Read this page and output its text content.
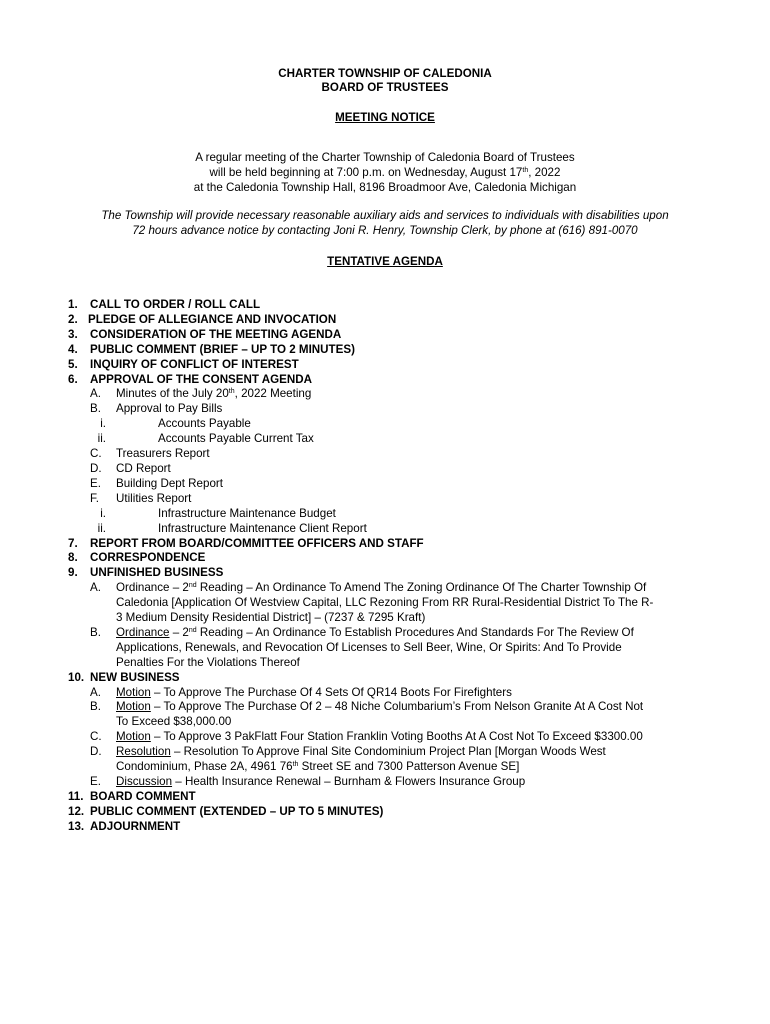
CHARTER TOWNSHIP OF CALEDONIA
BOARD OF TRUSTEES
MEETING NOTICE
A regular meeting of the Charter Township of Caledonia Board of Trustees
will be held beginning at 7:00 p.m. on Wednesday, August 17th, 2022
at the Caledonia Township Hall, 8196 Broadmoor Ave, Caledonia Michigan
The Township will provide necessary reasonable auxiliary aids and services to individuals with disabilities upon
72 hours advance notice by contacting Joni R. Henry, Township Clerk, by phone at (616) 891-0070
TENTATIVE AGENDA
1. CALL TO ORDER / ROLL CALL
2. PLEDGE OF ALLEGIANCE AND INVOCATION
3. CONSIDERATION OF THE MEETING AGENDA
4. PUBLIC COMMENT (BRIEF – UP TO 2 MINUTES)
5. INQUIRY OF CONFLICT OF INTEREST
6. APPROVAL OF THE CONSENT AGENDA
A. Minutes of the July 20th, 2022 Meeting
B. Approval to Pay Bills
i.	Accounts Payable
ii.	Accounts Payable Current Tax
C. Treasurers Report
D. CD Report
E. Building Dept Report
F. Utilities Report
i.	Infrastructure Maintenance Budget
ii.	Infrastructure Maintenance Client Report
7. REPORT FROM BOARD/COMMITTEE OFFICERS AND STAFF
8. CORRESPONDENCE
9. UNFINISHED BUSINESS
A. Ordinance – 2nd Reading – An Ordinance To Amend The Zoning Ordinance Of The Charter Township Of
Caledonia [Application Of Westview Capital, LLC Rezoning From RR Rural-Residential District To The R-
3 Medium Density Residential District] – (7237 & 7295 Kraft)
B. Ordinance – 2nd Reading – An Ordinance To Establish Procedures And Standards For The Review Of
Applications, Renewals, and Revocation Of Licenses to Sell Beer, Wine, Or Spirits: And To Provide
Penalties For the Violations Thereof
10. NEW BUSINESS
A. Motion – To Approve The Purchase Of 4 Sets Of QR14 Boots For Firefighters
B. Motion – To Approve The Purchase Of 2 – 48 Niche Columbarium’s From Nelson Granite At A Cost Not
To Exceed $38,000.00
C. Motion – To Approve 3 PakFlatt Four Station Franklin Voting Booths At A Cost Not To Exceed $3300.00
D. Resolution – Resolution To Approve Final Site Condominium Project Plan [Morgan Woods West
Condominium, Phase 2A, 4961 76th Street SE and 7300 Patterson Avenue SE]
E. Discussion – Health Insurance Renewal – Burnham & Flowers Insurance Group
11. BOARD COMMENT
12. PUBLIC COMMENT (EXTENDED – UP TO 5 MINUTES)
13. ADJOURNMENT
